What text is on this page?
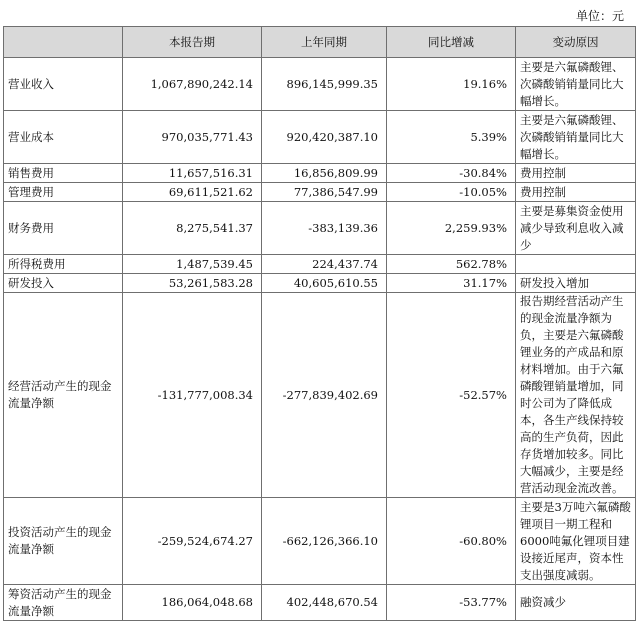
单位：元
	本报告期	上年同期	同比增减	变动原因
营业收入	1,067,890,242.14	896,145,999.35	19.16%	主要是六氟磷酸锂、次磷酸销销量同比大幅增长。
营业成本	970,035,771.43	920,420,387.10	5.39%	主要是六氟磷酸锂、次磷酸销销量同比大幅增长。
销售费用	11,657,516.31	16,856,809.99	-30.84%	费用控制
管理费用	69,611,521.62	77,386,547.99	-10.05%	费用控制
财务费用	8,275,541.37	-383,139.36	2,259.93%	主要是募集资金使用减少导致利息收入减少
所得税费用	1,487,539.45	224,437.74	562.78%	
研发投入	53,261,583.28	40,605,610.55	31.17%	研发投入增加
经营活动产生的现金流量净额	-131,777,008.34	-277,839,402.69	-52.57%	报告期经营活动产生的现金流量净额为负，主要是六氟磷酸锂业务的产成品和原材料增加。由于六氟磷酸锂销量增加，同时公司为了降低成本，各生产线保持较高的生产负荷，因此存货增加较多。同比大幅减少，主要是经营活动现金流改善。
投资活动产生的现金流量净额	-259,524,674.27	-662,126,366.10	-60.80%	主要是3万吨六氟磷酸锂项目一期工程和6000吨氟化锂项目建设接近尾声，资本性支出强度减弱。
筹资活动产生的现金流量净额	186,064,048.68	402,448,670.54	-53.77%	融资减少
